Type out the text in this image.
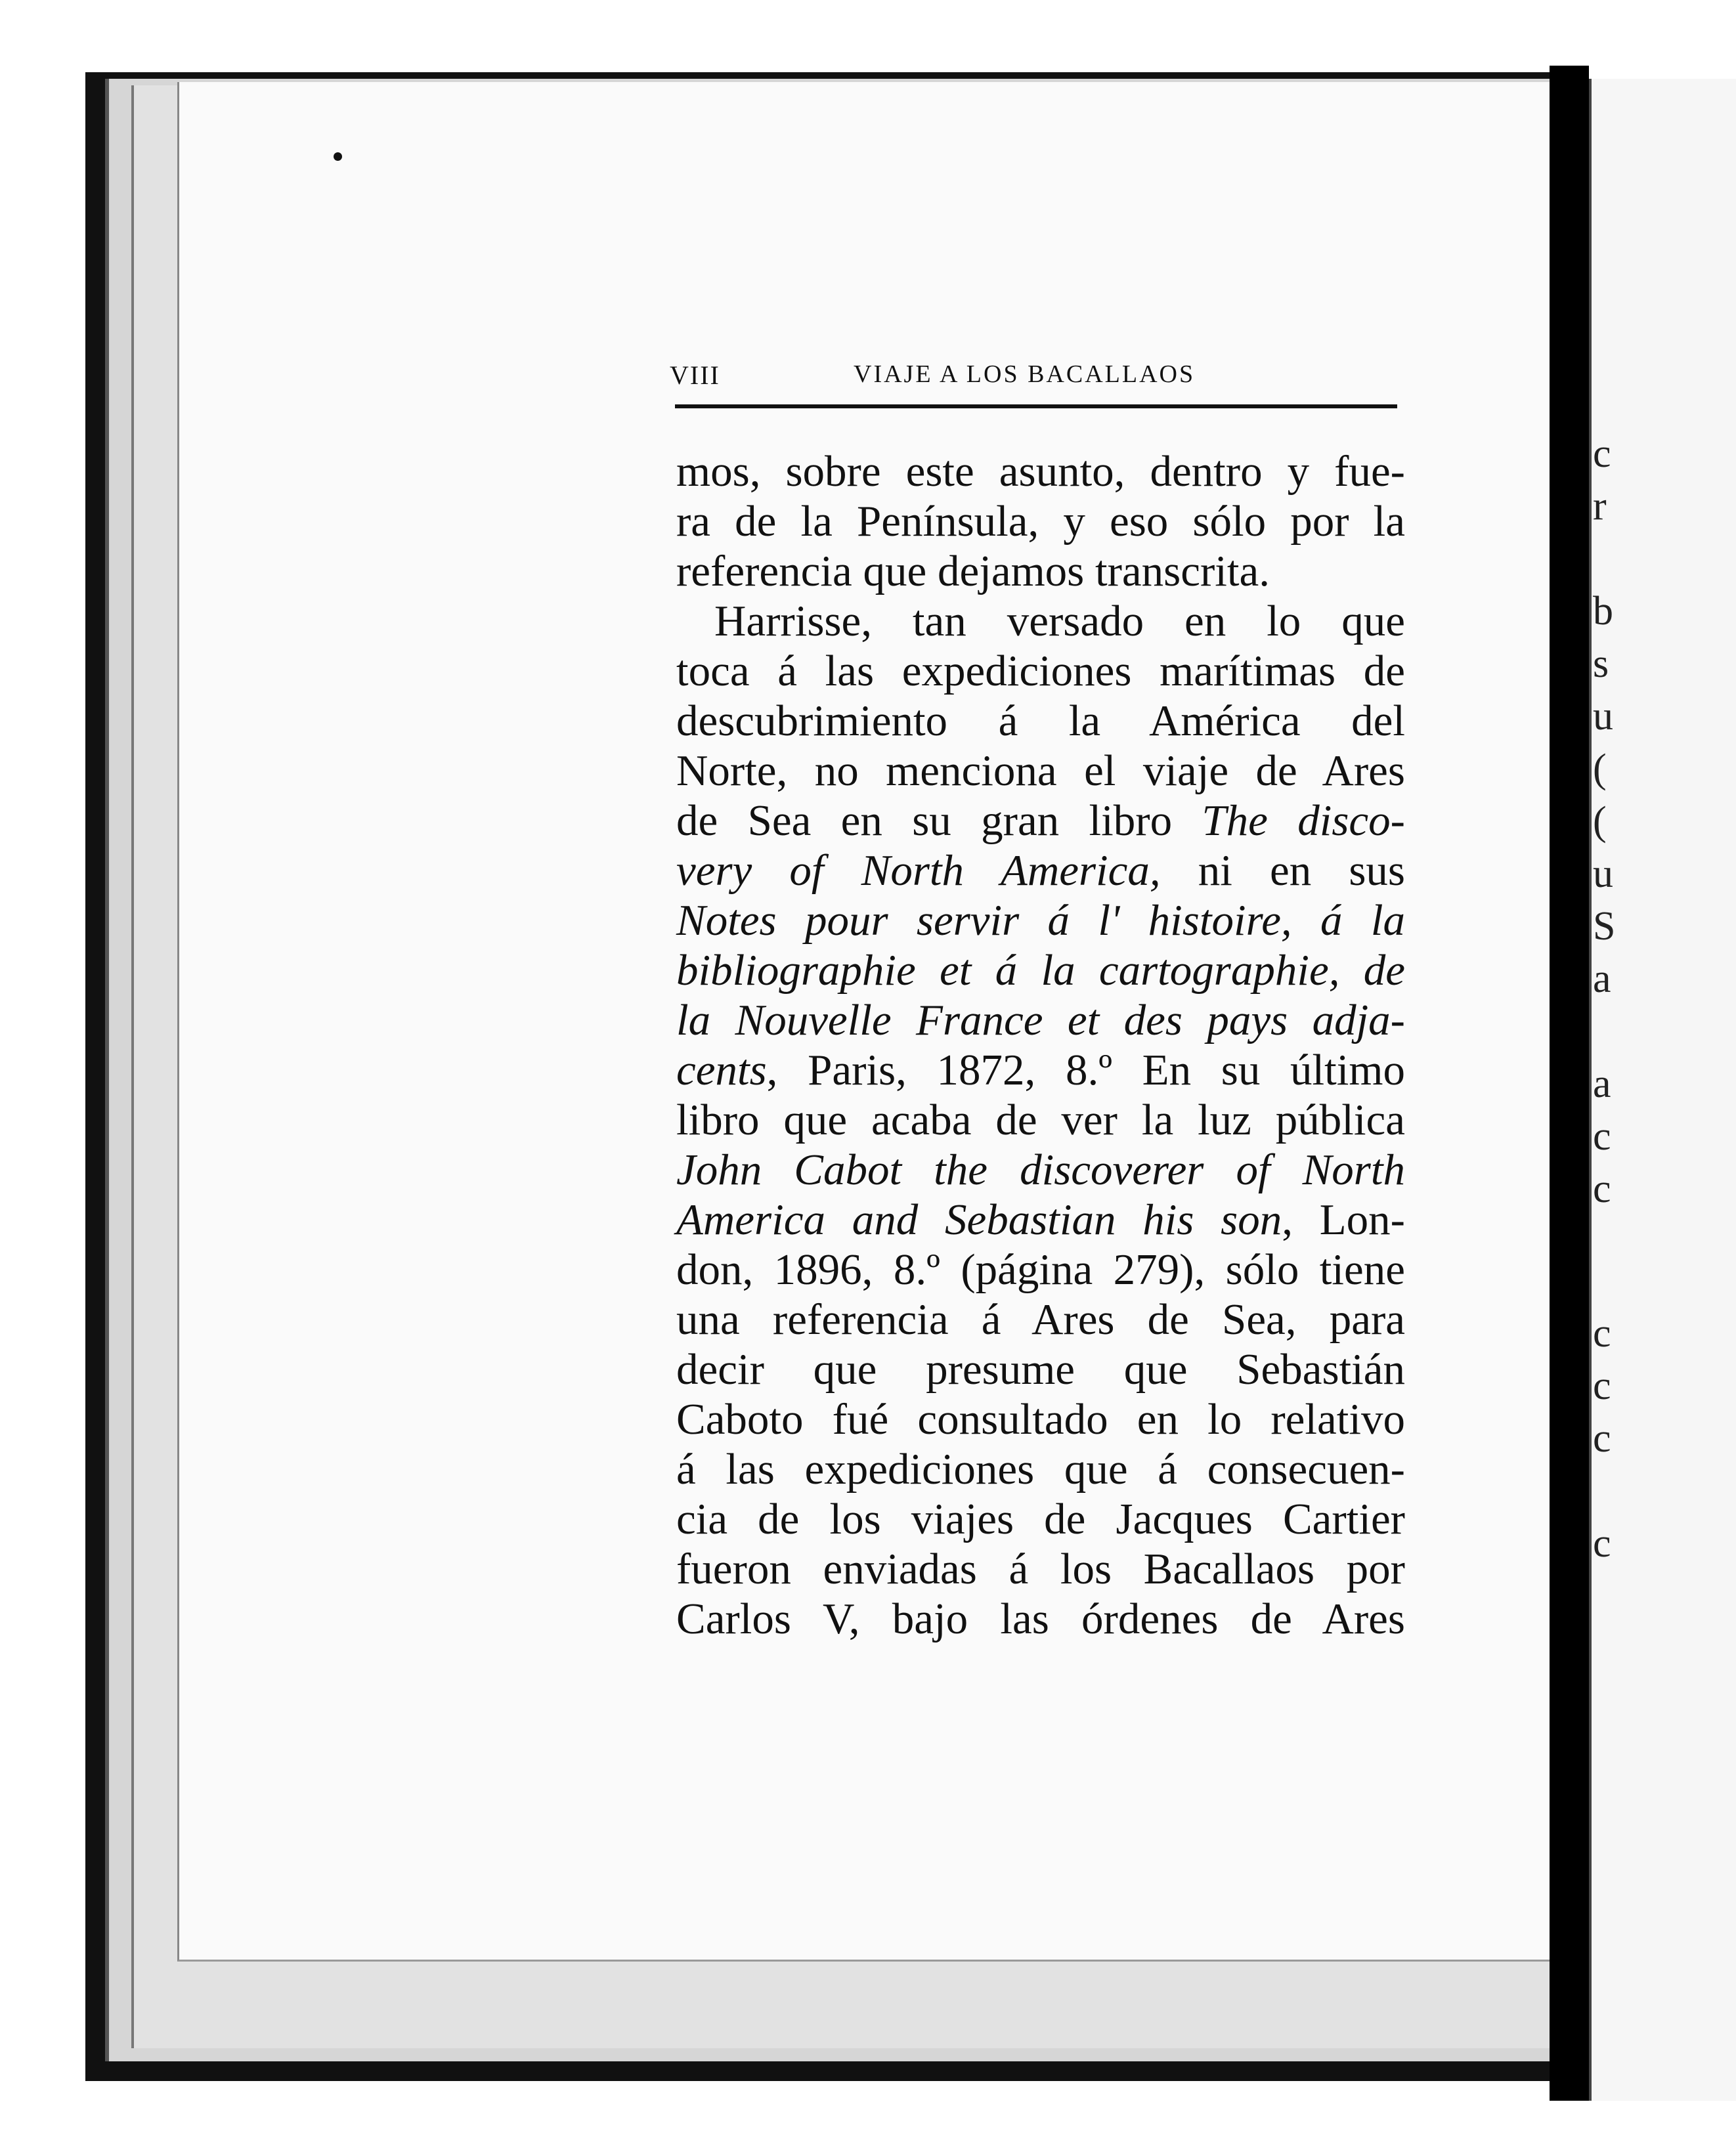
c
r
b
s
u
(
(
u
S
a
a
c
c
c
c
c
c
VIII	VIAJE A LOS BACALLAOS
mos, sobre este asunto, dentro y fue-
ra de la Península, y eso sólo por la
referencia que dejamos transcrita.
Harrisse, tan versado en lo que
toca á las expediciones marítimas de
descubrimiento á la América del
Norte, no menciona el viaje de Ares
de Sea en su gran libro The disco-
very of North America, ni en sus
Notes pour servir á l' histoire, á la
bibliographie et á la cartographie, de
la Nouvelle France et des pays adja-
cents, Paris, 1872, 8.º En su último
libro que acaba de ver la luz pública
John Cabot the discoverer of North
America and Sebastian his son, Lon-
don, 1896, 8.º (página 279), sólo tiene
una referencia á Ares de Sea, para
decir que presume que Sebastián
Caboto fué consultado en lo relativo
á las expediciones que á consecuen-
cia de los viajes de Jacques Cartier
fueron enviadas á los Bacallaos por
Carlos V, bajo las órdenes de Ares
